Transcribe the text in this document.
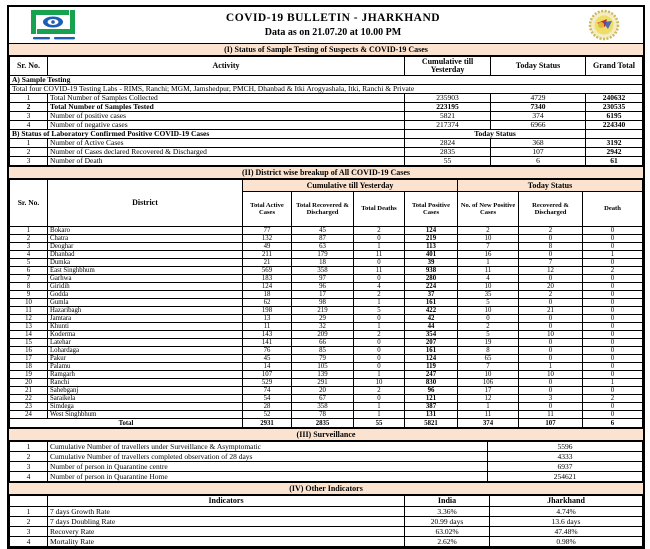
COVID-19 BULLETIN - JHARKHAND
Data as on 21.07.20 at 10.00 PM
(I) Status of Sample Testing of Suspects & COVID-19 Cases
Sr. No.	Activity	Cumulative till Yesterday	Today Status	Grand Total
A) Sample Testing				
Total four COVID-19 Testing Labs - RIMS, Ranchi; MGM, Jamshedpur, PMCH, Dhanbad & Itki Arogyashala, Itki, Ranchi & Private				
1	Total Number of Samples Collected	235903	4729	240632
2	Total Number of Samples Tested	223195	7340	230535
3	Number of positive cases	5821	374	6195
4	Number of negative cases	217374	6966	224340
B) Status of Laboratory Confirmed Positive COVID-19 Cases		Today Status		
1	Number of Active Cases	2824	368	3192
2	Number of Cases declared Recovered & Discharged	2835	107	2942
3	Number of Death	55	6	61
(II) District wise breakup of All COVID-19 Cases
Sr. No.	District	Cumulative till Yesterday				Today Status		
		Total Active Cases	Total Recovered & Discharged	Total Deaths	Total Positive Cases	No. of New Positive Cases	Recovered & Discharged	Death
1	Bokaro	77	45	2	124	2	2	0
2	Chatra	132	87	0	219	10	0	0
3	Deoghar	49	63	1	113	7	8	0
4	Dhanbad	211	179	11	401	16	0	1
5	Dumka	21	18	0	39	1	7	0
6	East Singhbhum	569	358	11	938	11	12	2
7	Garhwa	183	97	0	280	4	0	0
8	Giridih	124	96	4	224	10	20	0
9	Godda	18	17	2	37	35	2	0
10	Gumla	62	98	1	161	5	0	0
11	Hazaribagh	198	219	5	422	10	21	0
12	Jamtara	13	29	0	42	0	0	0
13	Khunti	11	32	1	44	2	0	0
14	Koderma	143	209	2	354	5	10	0
15	Latehar	141	66	0	207	19	0	0
16	Lohardaga	76	85	0	161	8	0	0
17	Pakur	45	79	0	124	65	0	0
18	Palamu	14	105	0	119	7	1	0
19	Ramgarh	107	139	1	247	10	10	0
20	Ranchi	529	291	10	830	106	0	1
21	Sahebganj	74	20	2	96	17	0	0
22	Saraikela	54	67	0	121	12	3	2
23	Simdega	28	358	1	387	1	0	0
24	West Singhbhum	52	78	1	131	11	11	0
Total		2931	2835	55	5821	374	107	6
(III) Surveillance
1	Cumulative Number of travellers under Surveillance & Asymptomatic	5596
2	Cumulative Number of travellers completed observation of 28 days	4333
3	Number of person in Quarantine centre	6937
4	Number of person in Quarantine Home	254621
(IV) Other Indicators
	Indicators	India	Jharkhand
1	7 days Growth Rate	3.36%	4.74%
2	7 days Doubling Rate	20.99 days	13.6 days
3	Recovery Rate	63.02%	47.48%
4	Mortality Rate	2.62%	0.98%
